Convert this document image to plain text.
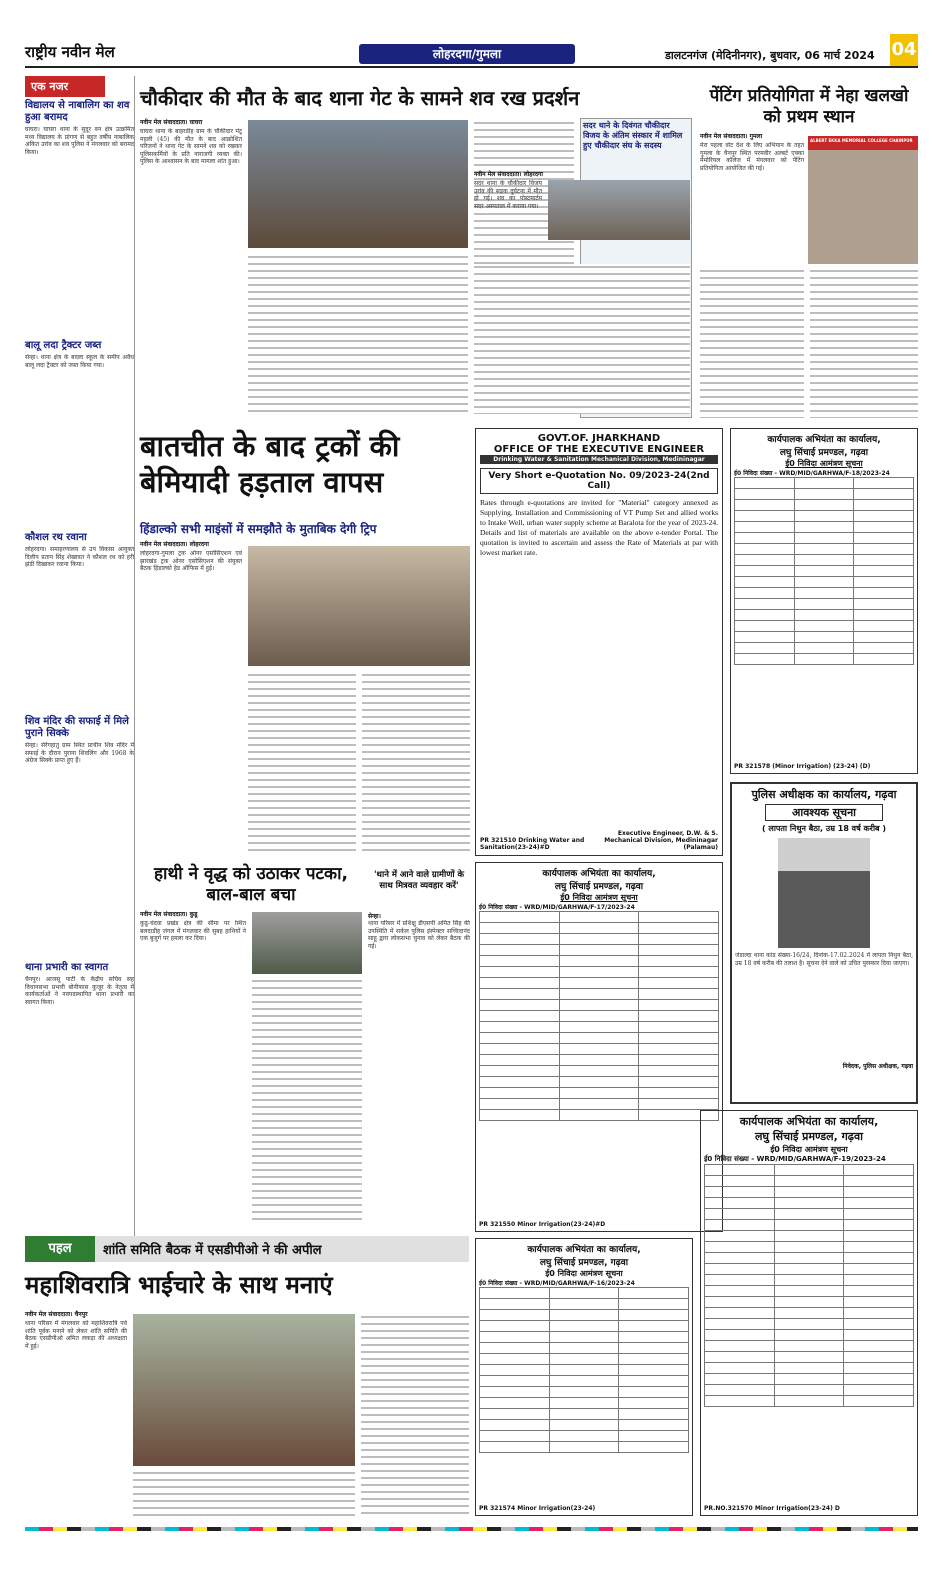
राष्ट्रीय नवीन मेल	लोहरदगा/गुमला	डालटनगंज (मेदिनीनगर), बुधवार, 06 मार्च 2024 04
एक नजर
विद्यालय से नाबालिग का शव हुआ बरामद
घाघरा। घाघरा थाना के सुदूर वन क्षेत्र उत्क्रमित मध्य विद्यालय के प्रांगण से बहुत वर्षीय नाबालिक अंकित उरांव का शव पुलिस ने मंगलवार को बरामद किया।
बालू लदा ट्रैक्टर जब्त
सेन्हा। थाना क्षेत्र के बदला स्कूल के समीप अवैध बालू लदा ट्रैक्टर को जब्त किया गया।
कौशल रथ रवाना
लोहरदगा। समाहरणालय से उप विकास आयुक्त दिलीप प्रताप सिंह शेखावत ने कौशल रथ को हरी झंडी दिखाकर रवाना किया।
शिव मंदिर की सफाई में मिले पुराने सिक्के
सेन्हा। सेरेंगहातु ग्राम स्थित प्राचीन शिव मंदिर में सफाई के दौरान पुराना शिवलिंग और 1968 के अंग्रेज सिक्के प्राप्त हुए हैं।
थाना प्रभारी का स्वागत
चैनपुर। आजसू पार्टी के केंद्रीय सचिव सह विधानसभा प्रभारी बोनीफास कुजूर के नेतृत्व में कार्यकर्ताओं ने नवपदस्थापित थाना प्रभारी का स्वागत किया।
चौकीदार की मौत के बाद थाना गेट के सामने शव रख प्रदर्शन
नवीन मेल संवाददाता। घाघरा
घाघरा थाना के बाहरडीह ग्राम के चौकीदार मंटू महली (45) की मौत के बाद आक्रोशित परिजनों ने थाना गेट के सामने शव को रखकर पुलिसकर्मियों के प्रति नाराजगी व्यक्त की। पुलिस के आश्वासन के बाद मामला शांत हुआ।
सदर थाने के दिवंगत चौकीदार विजय के अंतिम संस्कार में शामिल हुए चौकीदार संघ के सदस्य
नवीन मेल संवाददाता। लोहरदगा
सदर थाना के चौकीदार विजय उरांव की सड़क दुर्घटना में मौत हो गई। शव का पोस्टमार्टम सदर अस्पताल में कराया गया।
पेंटिंग प्रतियोगिता में नेहा खलखो को प्रथम स्थान
नवीन मेल संवाददाता। गुमला
मेरा पहला वोट देश के लिए अभियान के तहत गुमला के चैनपुर स्थित परमवीर अल्बर्ट एक्का मेमोरियल कॉलेज में मंगलवार को पेंटिंग प्रतियोगिता आयोजित की गई।
ALBERT EKKA MEMORIAL COLLEGE CHAINPUR
बातचीत के बाद ट्रकों की बेमियादी हड़ताल वापस
हिंडाल्को सभी माइंसों में समझौते के मुताबिक देगी ट्रिप
नवीन मेल संवाददाता। लोहरदगा
लोहरदगा-गुमला ट्रक ओनर एसोसिएशन एवं झारखंड ट्रक ओनर एसोसिएशन की संयुक्त बैठक हिंडाल्को हेड ऑफिस में हुई।
हाथी ने वृद्ध को उठाकर पटका, बाल-बाल बचा
नवीन मेल संवाददाता। कुडू
कुडू-चंदवा प्रखंड क्षेत्र की सीमा पर स्थित बलदाडीह जंगल में मंगलवार की सुबह हाथियों ने एक बुजुर्ग पर हमला कर दिया।
'थाने में आने वाले ग्रामीणों के साथ मित्रवत व्यवहार करें'
सेन्हा।
थाना परिसर में प्रशिक्षु डीएसपी अमित सिंह की उपस्थिति में सर्कल पुलिस इंस्पेक्टर सच्चिदानंद साहू द्वारा लोकसभा चुनाव को लेकर बैठक की गई।
GOVT.OF. JHARKHAND
OFFICE OF THE EXECUTIVE ENGINEER
Drinking Water & Sanitation Mechanical Division, Medininagar
Very Short e-Quotation No. 09/2023-24(2nd Call)
Rates through e-quotations are invited for "Material" category annexed as Supplying, Installation and Commissioning of VT Pump Set and allied works to Intake Well, urban water supply scheme at Baralota for the year of 2023-24. Details and list of materials are available on the above e-tender Portal. The quotation is invited to ascertain and assess the Rate of Materials at par with lowest market rate.
PR 321510 Drinking Water and Sanitation(23-24)#D
Executive Engineer, D.W. & S. Mechanical Division, Medininagar (Palamau)
कार्यपालक अभियंता का कार्यालय,
लघु सिंचाई प्रमण्डल, गढ़वा
ई0 निविदा आमंत्रण सूचना
ई0 निविदा संख्या - WRD/MID/GARHWA/F-18/2023-24

PR 321578 (Minor Irrigation) (23-24) (D)
कार्यपालक अभियंता का कार्यालय,
लघु सिंचाई प्रमण्डल, गढ़वा
ई0 निविदा आमंत्रण सूचना
ई0 निविदा संख्या - WRD/MID/GARHWA/F-17/2023-24

PR 321550 Minor Irrigation(23-24)#D
पुलिस अधीक्षक का कार्यालय, गढ़वा
आवश्यक सूचना
( लापता निथुन बैठा, उम्र 18 वर्ष करीब )
जंडाल्दा थाना कांड संख्या-16/24, दिनांक-17.02.2024 में लापता निथुन बैठा, उम्र 18 वर्ष करीब की तलाश है। सूचना देने वाले को उचित पुरस्कार दिया जाएगा।
निवेदक, पुलिस अधीक्षक, गढ़वा
कार्यपालक अभियंता का कार्यालय,
लघु सिंचाई प्रमण्डल, गढ़वा
ई0 निविदा आमंत्रण सूचना
ई0 निविदा संख्या - WRD/MID/GARHWA/F-16/2023-24

PR 321574 Minor Irrigation(23-24)
कार्यपालक अभियंता का कार्यालय,
लघु सिंचाई प्रमण्डल, गढ़वा
ई0 निविदा आमंत्रण सूचना
ई0 निविदा संख्या - WRD/MID/GARHWA/F-19/2023-24

PR.NO.321570 Minor Irrigation(23-24) D
पहल	शांति समिति बैठक में एसडीपीओ ने की अपील
महाशिवरात्रि भाईचारे के साथ मनाएं
नवीन मेल संवाददाता। चैनपुर
थाना परिसर में मंगलवार को महाशिवरात्रि पर्व शांति पूर्वक मनाने को लेकर शांति समिति की बैठक एसडीपीओ अमित लकड़ा की अध्यक्षता में हुई।
